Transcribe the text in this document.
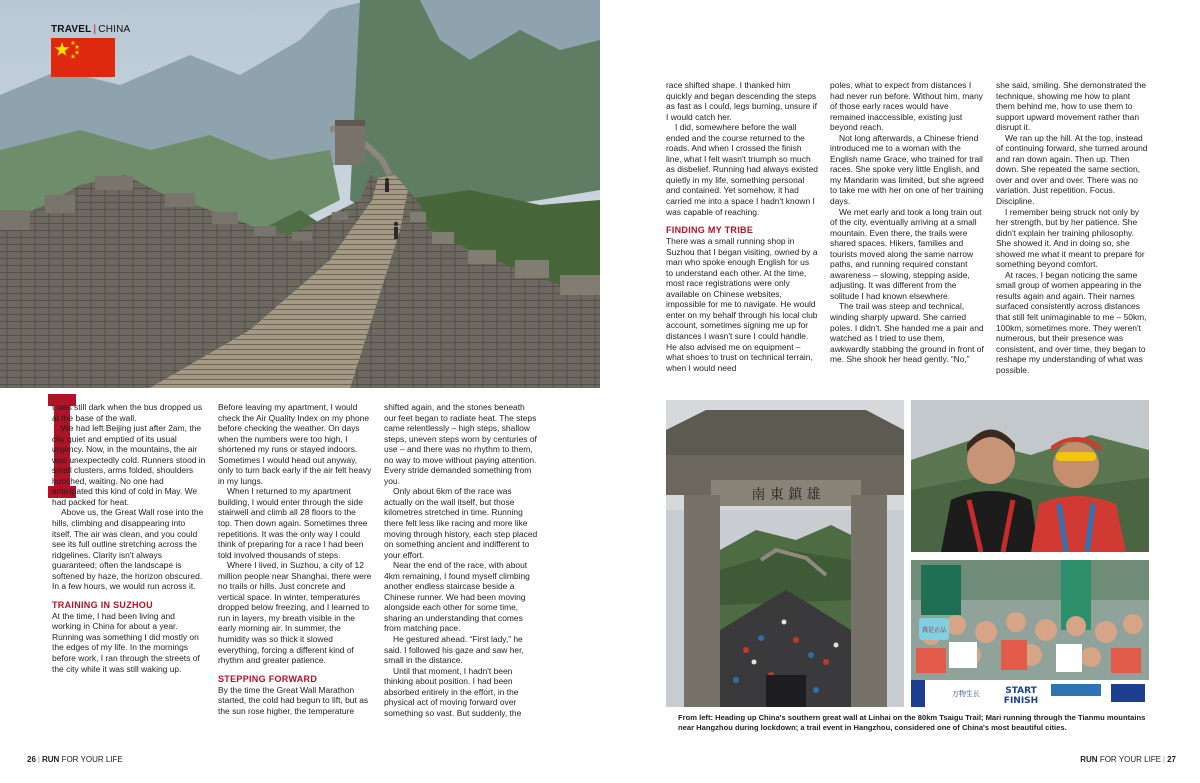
TRAVEL | CHINA
I

t was still dark when the bus dropped us at the base of the wall.

We had left Beijing just after 2am, the city quiet and emptied of its usual urgency. Now, in the mountains, the air was unexpectedly cold. Runners stood in small clusters, arms folded, shoulders hunched, waiting. No one had anticipated this kind of cold in May. We had packed for heat.

Above us, the Great Wall rose into the hills, climbing and disappearing into itself. The air was clean, and you could see its full outline stretching across the ridgelines. Clarity isn't always guaranteed; often the landscape is softened by haze, the horizon obscured. In a few hours, we would run across it.

TRAINING IN SUZHOU

At the time, I had been living and working in China for about a year. Running was something I did mostly on the edges of my life. In the mornings before work, I ran through the streets of the city while it was still waking up.

Before leaving my apartment, I would check the Air Quality Index on my phone before checking the weather. On days when the numbers were too high, I shortened my runs or stayed indoors. Sometimes I would head out anyway, only to turn back early if the air felt heavy in my lungs.

When I returned to my apartment building, I would enter through the side stairwell and climb all 28 floors to the top. Then down again. Sometimes three repetitions. It was the only way I could think of preparing for a race I had been told involved thousands of steps.

Where I lived, in Suzhou, a city of 12 million people near Shanghai, there were no trails or hills. Just concrete and vertical space. In winter, temperatures dropped below freezing, and I learned to run in layers, my breath visible in the early morning air. In summer, the humidity was so thick it slowed everything, forcing a different kind of rhythm and greater patience.

STEPPING FORWARD

By the time the Great Wall Marathon started, the cold had begun to lift, but as the sun rose higher, the temperature

shifted again, and the stones beneath our feet began to radiate heat. The steps came relentlessly – high steps, shallow steps, uneven steps worn by centuries of use – and there was no rhythm to them, no way to move without paying attention. Every stride demanded something from you.

Only about 6km of the race was actually on the wall itself, but those kilometres stretched in time. Running there felt less like racing and more like moving through history, each step placed on something ancient and indifferent to your effort.

Near the end of the race, with about 4km remaining, I found myself climbing another endless staircase beside a Chinese runner. We had been moving alongside each other for some time, sharing an understanding that comes from matching pace.

He gestured ahead. “First lady,” he said. I followed his gaze and saw her, small in the distance.

Until that moment, I hadn't been thinking about position. I had been absorbed entirely in the effort, in the physical act of moving forward over something so vast. But suddenly, the

race shifted shape. I thanked him quickly and began descending the steps as fast as I could, legs burning, unsure if I would catch her.

I did, somewhere before the wall ended and the course returned to the roads. And when I crossed the finish line, what I felt wasn't triumph so much as disbelief. Running had always existed quietly in my life, something personal and contained. Yet somehow, it had carried me into a space I hadn't known I was capable of reaching.

FINDING MY TRIBE

There was a small running shop in Suzhou that I began visiting, owned by a man who spoke enough English for us to understand each other. At the time, most race registrations were only available on Chinese websites, impossible for me to navigate. He would enter on my behalf through his local club account, sometimes signing me up for distances I wasn't sure I could handle. He also advised me on equipment – what shoes to trust on technical terrain, when I would need

poles, what to expect from distances I had never run before. Without him, many of those early races would have remained inaccessible, existing just beyond reach.

Not long afterwards, a Chinese friend introduced me to a woman with the English name Grace, who trained for trail races. She spoke very little English, and my Mandarin was limited, but she agreed to take me with her on one of her training days.

We met early and took a long train out of the city, eventually arriving at a small mountain. Even there, the trails were shared spaces. Hikers, families and tourists moved along the same narrow paths, and running required constant awareness – slowing, stepping aside, adjusting. It was different from the solitude I had known elsewhere.

The trail was steep and technical, winding sharply upward. She carried poles. I didn't. She handed me a pair and watched as I tried to use them, awkwardly stabbing the ground in front of me. She shook her head gently. “No,”

she said, smiling. She demonstrated the technique, showing me how to plant them behind me, how to use them to support upward movement rather than disrupt it.

We ran up the hill. At the top, instead of continuing forward, she turned around and ran down again. Then up. Then down. She repeated the same section, over and over and over. There was no variation. Just repetition. Focus. Discipline.

I remember being struck not only by her strength, but by her patience. She didn't explain her training philosophy. She showed it. And in doing so, she showed me what it meant to prepare for something beyond comfort.

At races, I began noticing the same small group of women appearing in the results again and again. Their names surfaced consistently across distances that still felt unimaginable to me – 50km, 100km, sometimes more. They weren't numerous, but their presence was consistent, and over time, they began to reshape my understanding of what was possible.

南 東 鎮 雄
我是正品
万物生长	START
FINISH
From left: Heading up China's southern great wall at Linhai on the 80km Tsaigu Trail; Mari running through the Tianmu mountains near Hangzhou during lockdown; a trail event in Hangzhou, considered one of China's most beautiful cities.
26 | RUN FOR YOUR LIFE	RUN FOR YOUR LIFE | 27
